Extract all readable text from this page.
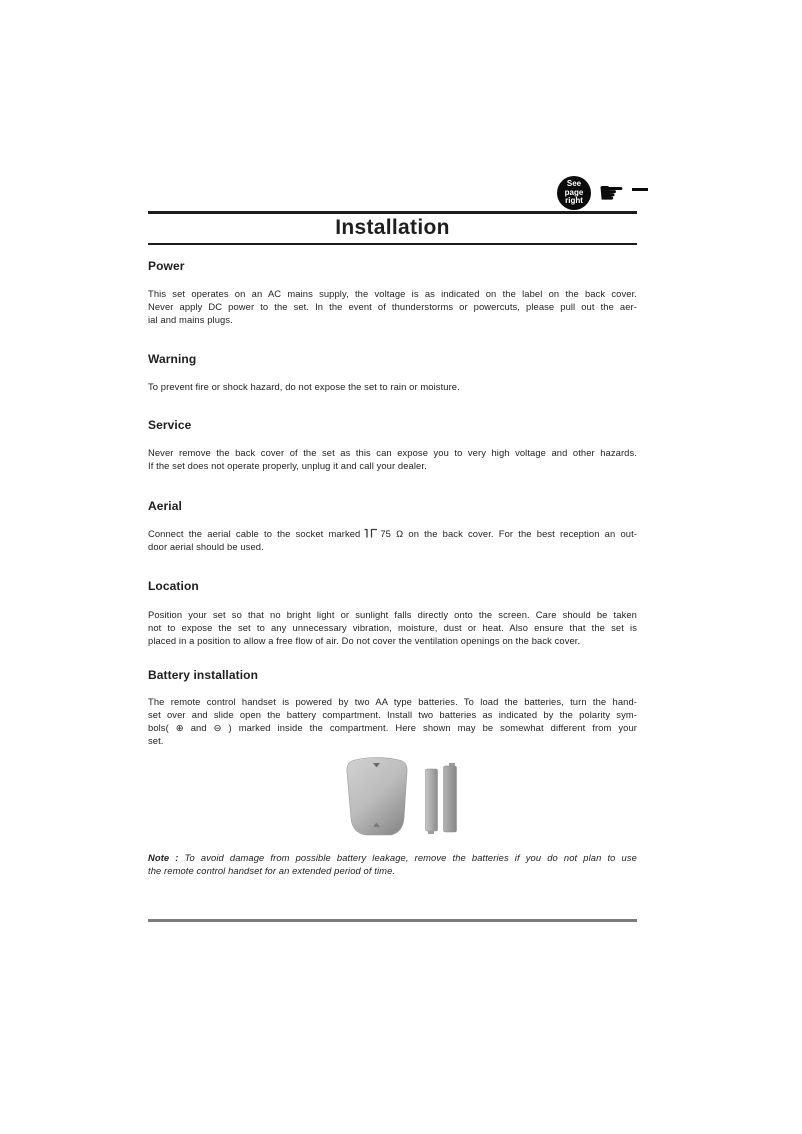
See
page
right ☛
Installation
Power
This set operates on an AC mains supply, the voltage is as indicated on the label on the back cover.
Never apply DC power to the set. In the event of thunderstorms or powercuts, please pull out the aer-
ial and mains plugs.
Warning
To prevent fire or shock hazard, do not expose the set to rain or moisture.
Service
Never remove the back cover of the set as this can expose you to very high voltage and other hazards.
If the set does not operate properly, unplug it and call your dealer.
Aerial
Connect the aerial cable to the socket marked 75 Ω on the back cover. For the best reception an out-
door aerial should be used.
Location
Position your set so that no bright light or sunlight falls directly onto the screen. Care should be taken
not to expose the set to any unnecessary vibration, moisture, dust or heat. Also ensure that the set is
placed in a position to allow a free flow of air. Do not cover the ventilation openings on the back cover.
Battery installation
The remote control handset is powered by two AA type batteries. To load the batteries, turn the hand-
set over and slide open the battery compartment. Install two batteries as indicated by the polarity sym-
bols( ⊕ and ⊖ ) marked inside the compartment. Here shown may be somewhat different from your
set.
Note : To avoid damage from possible battery leakage, remove the batteries if you do not plan to use
the remote control handset for an extended period of time.
